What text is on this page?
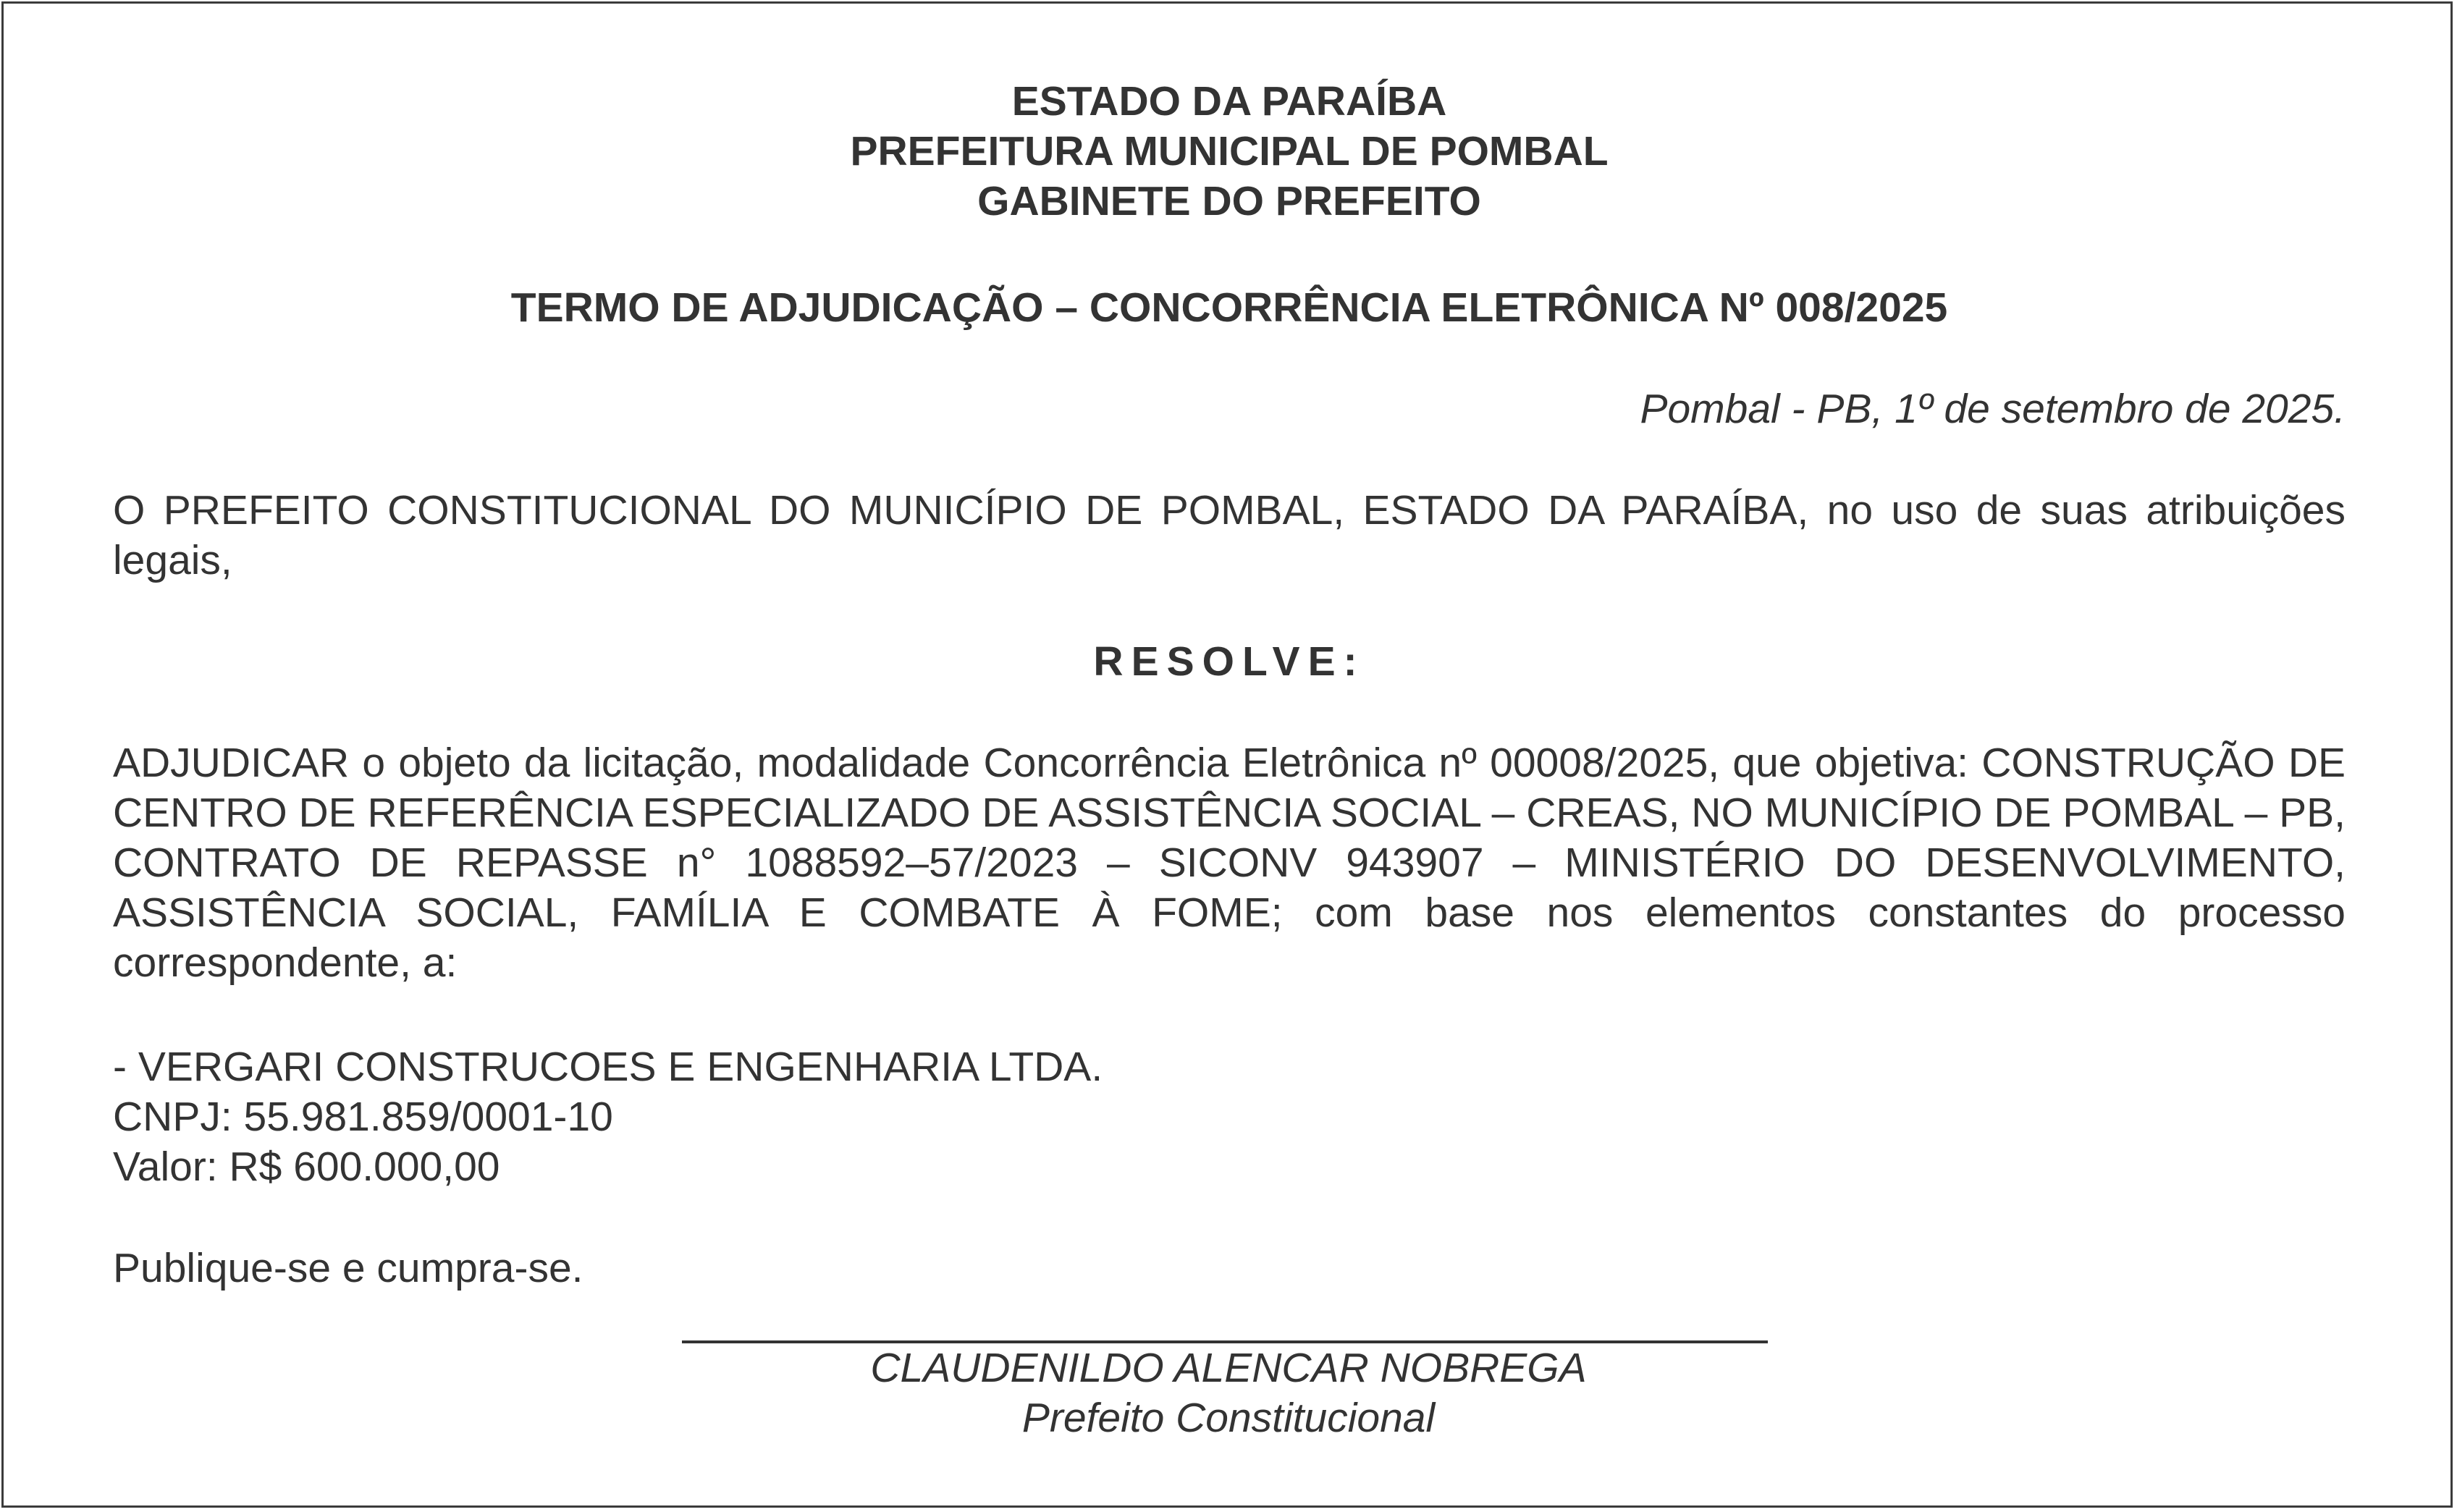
ESTADO DA PARAÍBA
PREFEITURA MUNICIPAL DE POMBAL
GABINETE DO PREFEITO
TERMO DE ADJUDICAÇÃO – CONCORRÊNCIA ELETRÔNICA Nº 008/2025
Pombal - PB, 1º de setembro de 2025.
O PREFEITO CONSTITUCIONAL DO MUNICÍPIO DE POMBAL, ESTADO DA PARAÍBA, no uso de suas atribuições legais,
RESOLVE:
ADJUDICAR o objeto da licitação, modalidade Concorrência Eletrônica nº 00008/2025, que objetiva: CONSTRUÇÃO DE CENTRO DE REFERÊNCIA ESPECIALIZADO DE ASSISTÊNCIA SOCIAL – CREAS, NO MUNICÍPIO DE POMBAL – PB, CONTRATO DE REPASSE n° 1088592–57/2023 – SICONV 943907 – MINISTÉRIO DO DESENVOLVIMENTO, ASSISTÊNCIA SOCIAL, FAMÍLIA E COMBATE À FOME; com base nos elementos constantes do processo correspondente, a:
- VERGARI CONSTRUCOES E ENGENHARIA LTDA.
CNPJ: 55.981.859/0001-10
Valor: R$ 600.000,00
Publique-se e cumpra-se.
CLAUDENILDO ALENCAR NOBREGA
Prefeito Constitucional
